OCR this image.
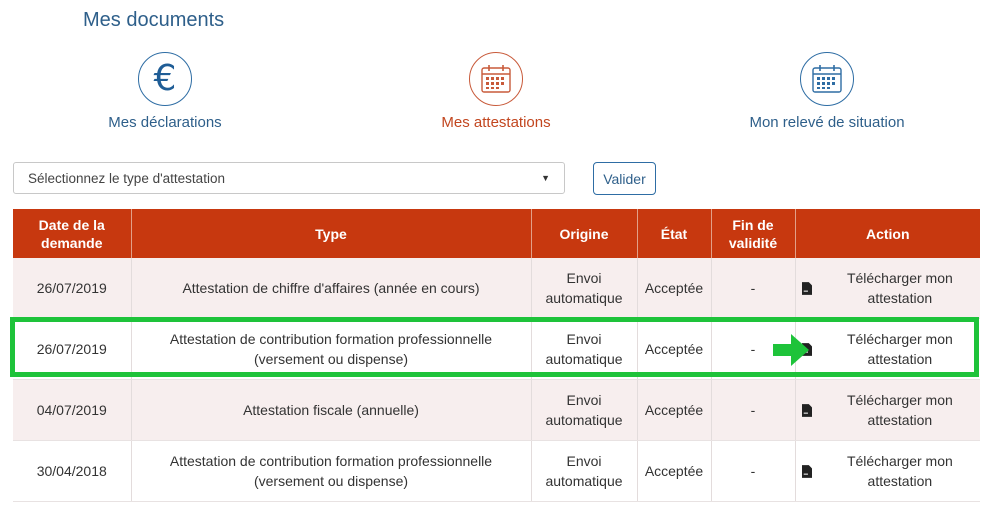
Mes documents
€
Mes déclarations	Mes attestations	Mon relevé de situation
Sélectionnez le type d'attestation	▼	Valider
Date de la demande	Type	Origine	État	Fin de validité	Action
26/07/2019	Attestation de chiffre d'affaires (année en cours)	Envoi automatique	Acceptée	-	Télécharger mon attestation

26/07/2019	Attestation de contribution formation professionnelle (versement ou dispense)	Envoi automatique	Acceptée	-	Télécharger mon attestation

04/07/2019	Attestation fiscale (annuelle)	Envoi automatique	Acceptée	-	Télécharger mon attestation

30/04/2018	Attestation de contribution formation professionnelle (versement ou dispense)	Envoi automatique	Acceptée	-	Télécharger mon attestation
